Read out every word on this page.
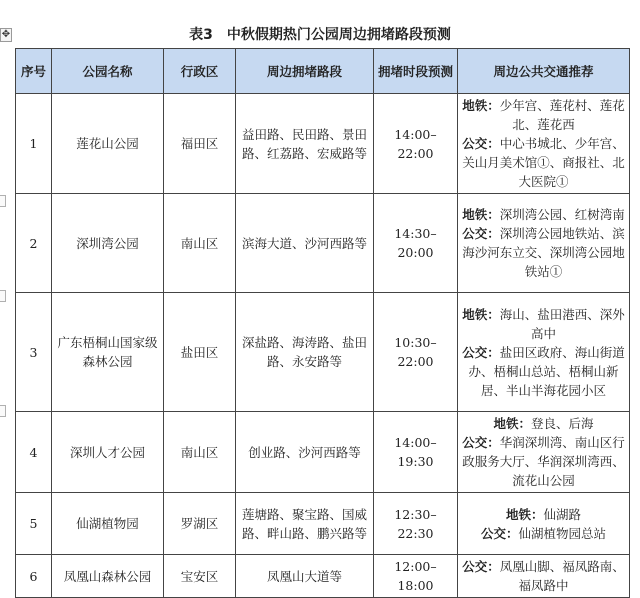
✥	表3　中秋假期热门公园周边拥堵路段预测
序号	公园名称	行政区	周边拥堵路段	拥堵时段预测	周边公共交通推荐
1	莲花山公园	福田区	益田路、民田路、景田路、红荔路、宏威路等	14:00–22:00	地铁：少年宫、莲花村、莲花北、莲花西
公交：中心书城北、少年宫、关山月美术馆①、商报社、北大医院①
2	深圳湾公园	南山区	滨海大道、沙河西路等	14:30–20:00	地铁：深圳湾公园、红树湾南
公交：深圳湾公园地铁站、滨海沙河东立交、深圳湾公园地铁站①
3	广东梧桐山国家级森林公园	盐田区	深盐路、海涛路、盐田路、永安路等	10:30–22:00	地铁：海山、盐田港西、深外高中
公交：盐田区政府、海山街道办、梧桐山总站、梧桐山新居、半山半海花园小区
4	深圳人才公园	南山区	创业路、沙河西路等	14:00–19:30	地铁：登良、后海
公交：华润深圳湾、南山区行政服务大厅、华润深圳湾西、流花山公园
5	仙湖植物园	罗湖区	莲塘路、聚宝路、国威路、畔山路、鹏兴路等	12:30–22:30	地铁：仙湖路
公交：仙湖植物园总站
6	凤凰山森林公园	宝安区	凤凰山大道等	12:00–18:00	公交：凤凰山脚、福凤路南、福凤路中
